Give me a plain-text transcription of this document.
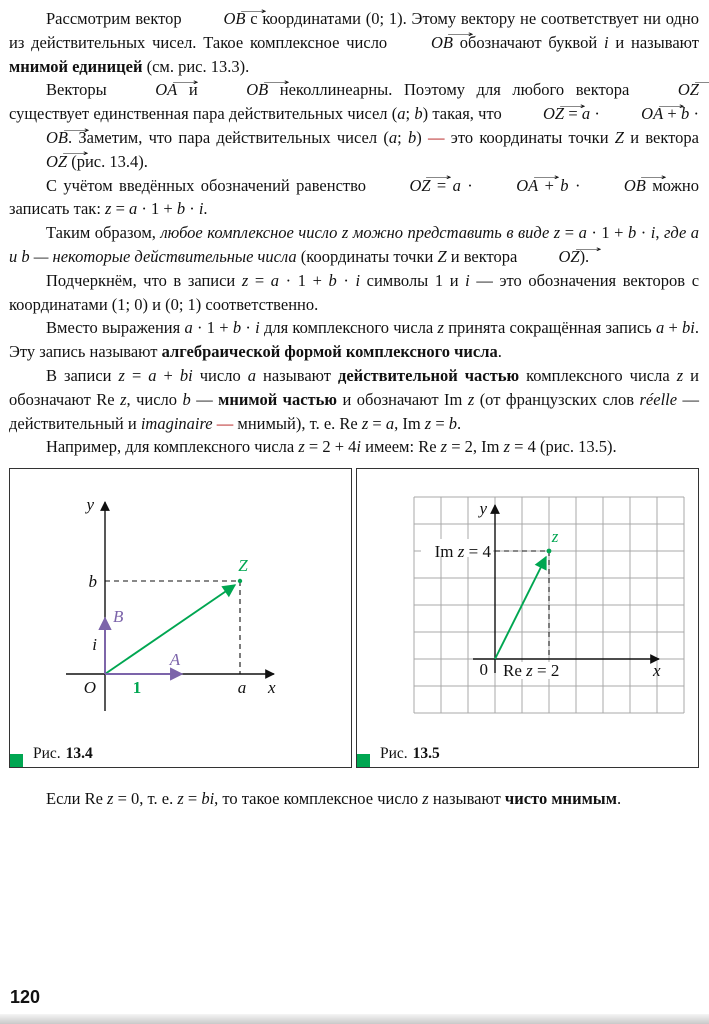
Рассмотрим вектор ⟶ OB с координатами (0; 1). Этому вектору не соответствует ни одно из действительных чисел. Такое комплексное число ⟶ OB обозначают буквой i и называют мнимой единицей (см. рис. 13.3).

Векторы ⟶ OA и ⟶ OB неколлинеарны. Поэтому для любого вектора ⟶ OZ существует единственная пара действительных чисел (a; b) такая, что ⟶ OZ = a · ⟶ OA + b · ⟶ OB. Заметим, что пара действительных чисел (a; b) — это координаты точки Z и вектора ⟶ OZ (рис. 13.4).

С учётом введённых обозначений равенство ⟶ OZ = a · ⟶ OA + b · ⟶ OB можно записать так: z = a · 1 + b · i.

Таким образом, любое комплексное число z можно представить в виде z = a · 1 + b · i, где a и b — некоторые действительные числа (координаты точки Z и вектора ⟶ OZ).

Подчеркнём, что в записи z = a · 1 + b · i символы 1 и i — это обозначения векторов с координатами (1; 0) и (0; 1) соответственно.

Вместо выражения a · 1 + b · i для комплексного числа z принята сокращённая запись a + bi. Эту запись называют алгебраической формой комплексного числа.

В записи z = a + bi число a называют действительной частью комплексного числа z и обозначают Re z, число b — мнимой частью и обозначают Im z (от французских слов réelle — действительный и imaginaire — мнимый), т. е. Re z = a, Im z = b.

Например, для комплексного числа z = 2 + 4i имеем: Re z = 2, Im z = 4 (рис. 13.5).

y
x
O
Z
b
a
i
1
A
B
Рис. 13.4
Im z = 4
Re z = 2
y
x
0
z
Рис. 13.5

Если Re z = 0, т. е. z = bi, то такое комплексное число z называют чисто мнимым.

120
